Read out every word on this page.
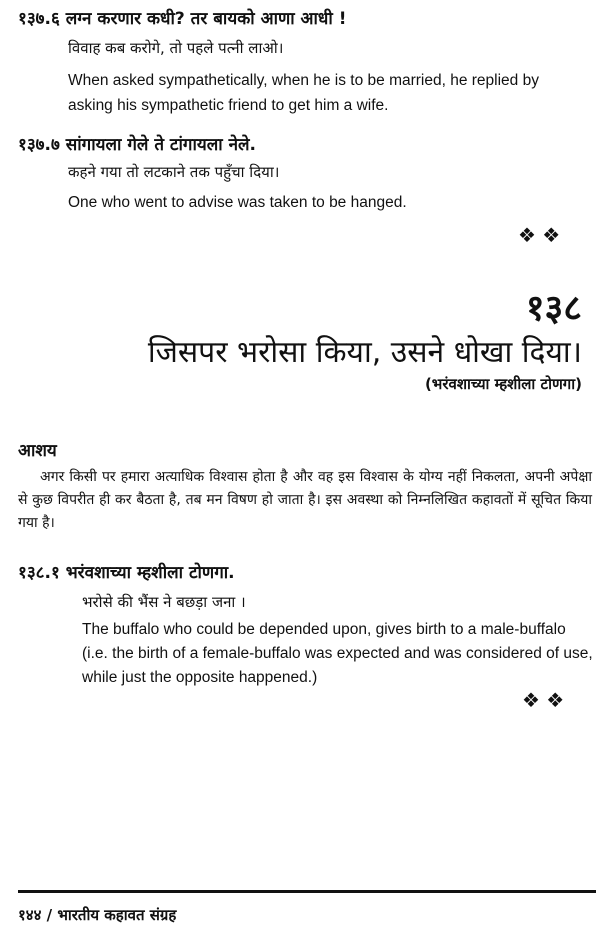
१३७.६ लग्न करणार कधी? तर बायको आणा आधी !
विवाह कब करोगे, तो पहले पत्नी लाओ।
When asked sympathetically, when he is to be married, he replied by asking his sympathetic friend to get him a wife.
१३७.७ सांगायला गेले ते टांगायला नेले.
कहने गया तो लटकाने तक पहुँचा दिया।
One who went to advise was taken to be hanged.
❖ ❖
१३८
जिसपर भरोसा किया, उसने धोखा दिया।
(भरंवशाच्या म्हशीला टोणगा)
आशय
अगर किसी पर हमारा अत्याधिक विश्वास होता है और वह इस विश्वास के योग्य नहीं निकलता, अपनी अपेक्षा से कुछ विपरीत ही कर बैठता है, तब मन विषण हो जाता है। इस अवस्था को निम्नलिखित कहावतों में सूचित किया गया है।
१३८.१ भरंवशाच्या म्हशीला टोणगा.
भरोसे की भैंस ने बछड़ा जना ।
The buffalo who could be depended upon, gives birth to a male-buffalo (i.e. the birth of a female-buffalo was expected and was considered of use, while just the opposite happened.)
❖ ❖
१४४ / भारतीय कहावत संग्रह
